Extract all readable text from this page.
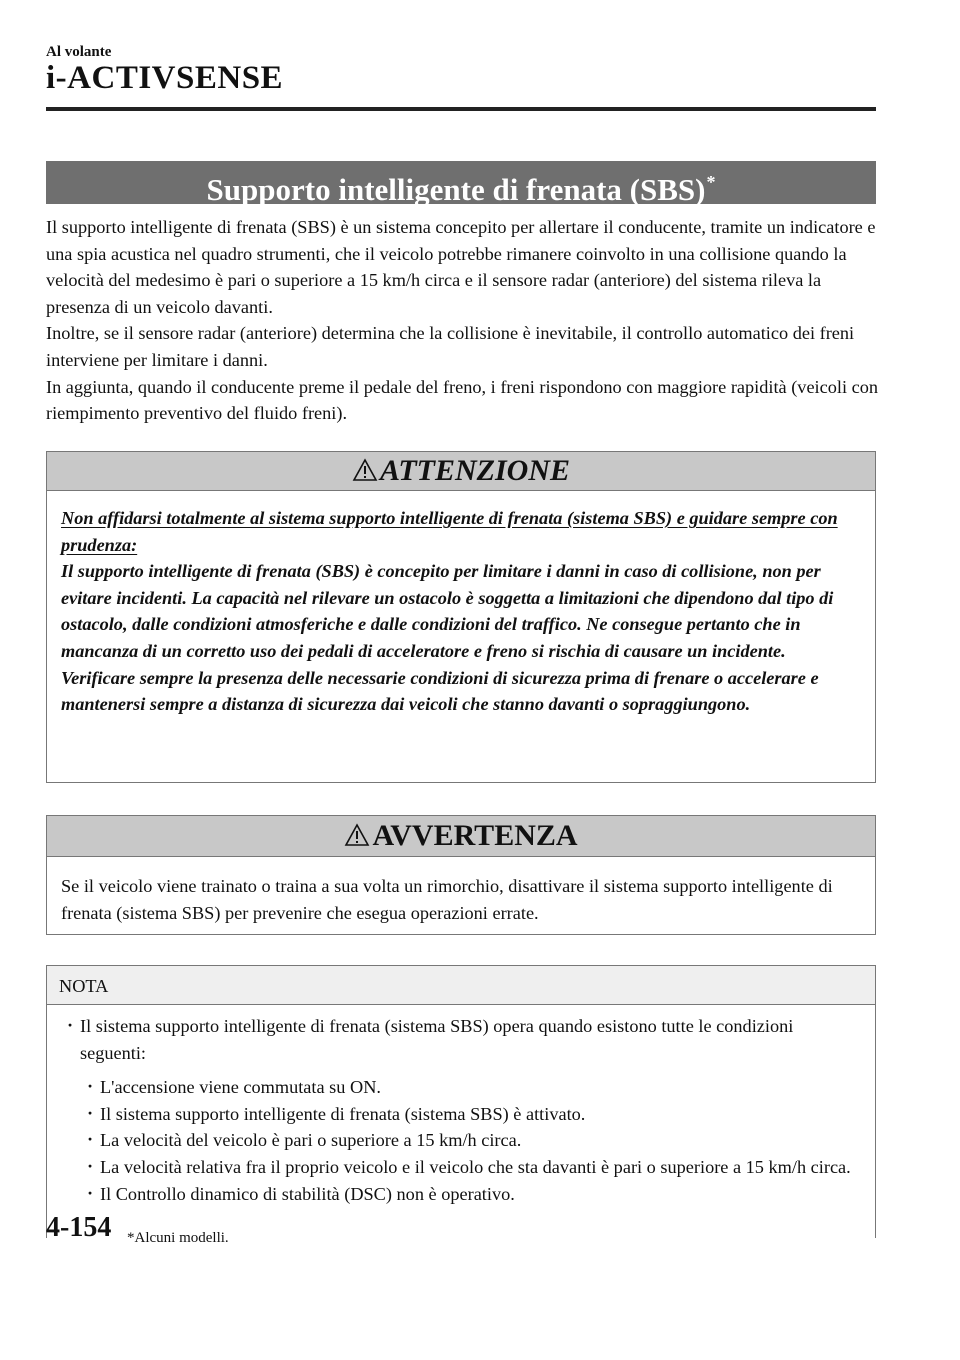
Al volante
i-ACTIVSENSE
Supporto intelligente di frenata (SBS)*

Il supporto intelligente di frenata (SBS) è un sistema concepito per allertare il conducente, tramite un indicatore e una spia acustica nel quadro strumenti, che il veicolo potrebbe rimanere coinvolto in una collisione quando la velocità del medesimo è pari o superiore a 15 km/h circa e il sensore radar (anteriore) del sistema rileva la presenza di un veicolo davanti.

Inoltre, se il sensore radar (anteriore) determina che la collisione è inevitabile, il controllo automatico dei freni interviene per limitare i danni.

In aggiunta, quando il conducente preme il pedale del freno, i freni rispondono con maggiore rapidità (veicoli con riempimento preventivo del fluido freni).

ATTENZIONE

Non affidarsi totalmente al sistema supporto intelligente di frenata (sistema SBS) e guidare sempre con prudenza:

Il supporto intelligente di frenata (SBS) è concepito per limitare i danni in caso di collisione, non per evitare incidenti. La capacità nel rilevare un ostacolo è soggetta a limitazioni che dipendono dal tipo di ostacolo, dalle condizioni atmosferiche e dalle condizioni del traffico. Ne consegue pertanto che in mancanza di un corretto uso dei pedali di acceleratore e freno si rischia di causare un incidente. Verificare sempre la presenza delle necessarie condizioni di sicurezza prima di frenare o accelerare e mantenersi sempre a distanza di sicurezza dai veicoli che stanno davanti o sopraggiungono.

AVVERTENZA

Se il veicolo viene trainato o traina a sua volta un rimorchio, disattivare il sistema supporto intelligente di frenata (sistema SBS) per prevenire che esegua operazioni errate.

NOTA
· Il sistema supporto intelligente di frenata (sistema SBS) opera quando esistono tutte le condizioni seguenti:
· L'accensione viene commutata su ON.
· Il sistema supporto intelligente di frenata (sistema SBS) è attivato.
· La velocità del veicolo è pari o superiore a 15 km/h circa.
· La velocità relativa fra il proprio veicolo e il veicolo che sta davanti è pari o superiore a 15 km/h circa.
· Il Controllo dinamico di stabilità (DSC) non è operativo.
4-154 *Alcuni modelli.
